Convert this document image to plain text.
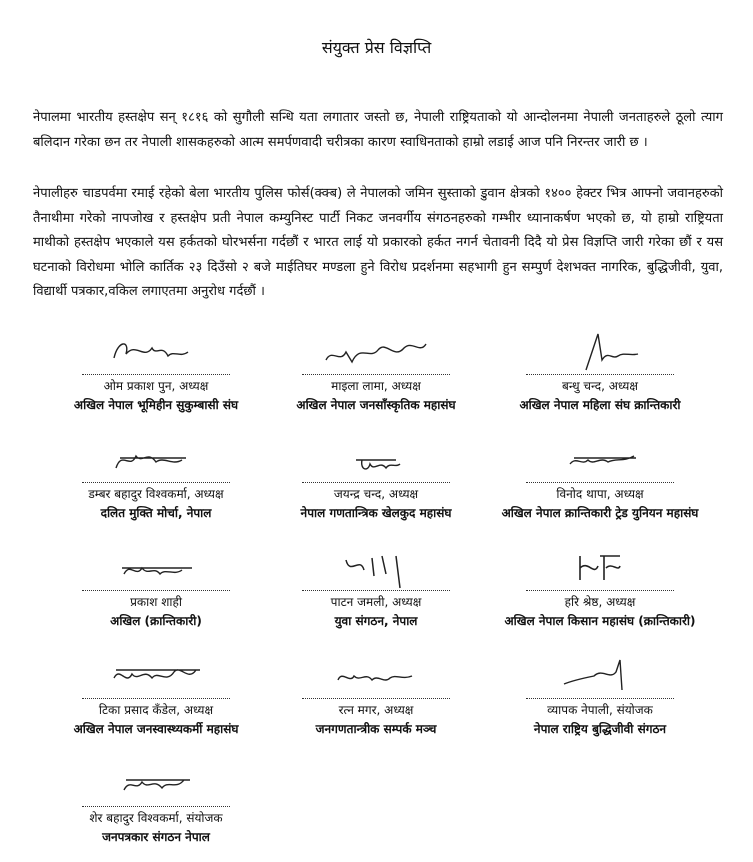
संयुक्त प्रेस विज्ञप्ति

नेपालमा भारतीय हस्तक्षेप सन् १८१६ को सुगौली सन्धि यता लगातार जस्तो छ, नेपाली राष्ट्रियताको यो आन्दोलनमा नेपाली जनताहरुले ठूलो त्याग बलिदान गरेका छन तर नेपाली शासकहरुको आत्म समर्पणवादी चरीत्रका कारण स्वाधिनताको हाम्रो लडाई आज पनि निरन्तर जारी छ ।

नेपालीहरु चाडपर्वमा रमाई रहेको बेला भारतीय पुलिस फोर्स(क्क्ब) ले नेपालको जमिन सुस्ताको डुवान क्षेत्रको १४०० हेक्टर भित्र आफ्नो जवानहरुको तैनाथीमा गरेको नापजोख र हस्तक्षेप प्रती नेपाल कम्युनिस्ट पार्टी निकट जनवर्गीय संगठनहरुको गम्भीर ध्यानाकर्षण भएको छ, यो हाम्रो राष्ट्रियता माथीको हस्तक्षेप भएकाले यस हर्कतको घोरभर्सना गर्दछौं र भारत लाई यो प्रकारको हर्कत नगर्न चेतावनी दिदै यो प्रेस विज्ञप्ति जारी गरेका छौं र यस घटनाको विरोधमा भोलि कार्तिक २३ दिउँसो २ बजे माईतिघर मण्डला हुने विरोध प्रदर्शनमा सहभागी हुन सम्पुर्ण देशभक्त नागरिक, बुद्धिजीवी, युवा, विद्यार्थी पत्रकार,वकिल लगाएतमा अनुरोध गर्दछौं ।

ओम प्रकाश पुन, अध्यक्ष
अखिल नेपाल भूमिहीन सुकुम्बासी संघ
माइला लामा, अध्यक्ष
अखिल नेपाल जनसाँस्कृतिक महासंघ
बन्धु चन्द, अध्यक्ष
अखिल नेपाल महिला संघ क्रान्तिकारी
डम्बर बहादुर विश्वकर्मा, अध्यक्ष
दलित मुक्ति मोर्चा, नेपाल
जयन्द्र चन्द, अध्यक्ष
नेपाल गणतान्त्रिक खेलकुद महासंघ
विनोद थापा, अध्यक्ष
अखिल नेपाल क्रान्तिकारी ट्रेड युनियन महासंघ
प्रकाश शाही
अखिल (क्रान्तिकारी)
पाटन जमली, अध्यक्ष
युवा संगठन, नेपाल
हरि श्रेष्ठ, अध्यक्ष
अखिल नेपाल किसान महासंघ (क्रान्तिकारी)
टिका प्रसाद कँडेल, अध्यक्ष
अखिल नेपाल जनस्वास्थ्यकर्मी महासंघ
रत्न मगर, अध्यक्ष
जनगणतान्त्रीक सम्पर्क मञ्च
व्यापक नेपाली, संयोजक
नेपाल राष्ट्रिय बुद्धिजीवी संगठन
शेर बहादुर विश्वकर्मा, संयोजक
जनपत्रकार संगठन नेपाल
